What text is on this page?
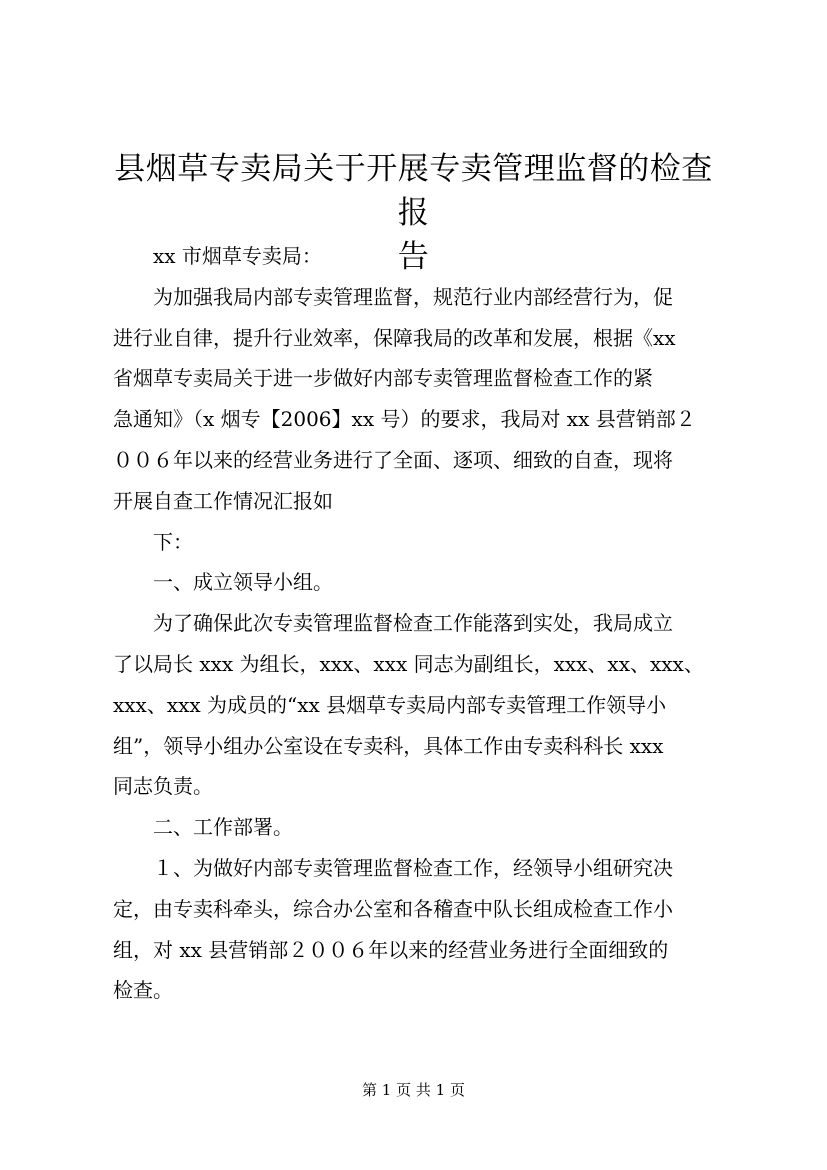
县烟草专卖局关于开展专卖管理监督的检查报
告
　　xx 市烟草专卖局：
　　为加强我局内部专卖管理监督，规范行业内部经营行为，促
进行业自律，提升行业效率，保障我局的改革和发展，根据《xx
省烟草专卖局关于进一步做好内部专卖管理监督检查工作的紧
急通知》（x 烟专【2006】xx 号）的要求，我局对 xx 县营销部２
００６年以来的经营业务进行了全面、逐项、细致的自查，现将
开展自查工作情况汇报如
　　下：
　　一、成立领导小组。
　　为了确保此次专卖管理监督检查工作能落到实处，我局成立
了以局长 xxx 为组长，xxx、xxx 同志为副组长，xxx、xx、xxx、
xxx、xxx 为成员的“xx 县烟草专卖局内部专卖管理工作领导小
组”，领导小组办公室设在专卖科，具体工作由专卖科科长 xxx
同志负责。
　　二、工作部署。
　　１、为做好内部专卖管理监督检查工作，经领导小组研究决
定，由专卖科牵头，综合办公室和各稽查中队长组成检查工作小
组，对 xx 县营销部２００６年以来的经营业务进行全面细致的
检查。
第 1 页 共 1 页
